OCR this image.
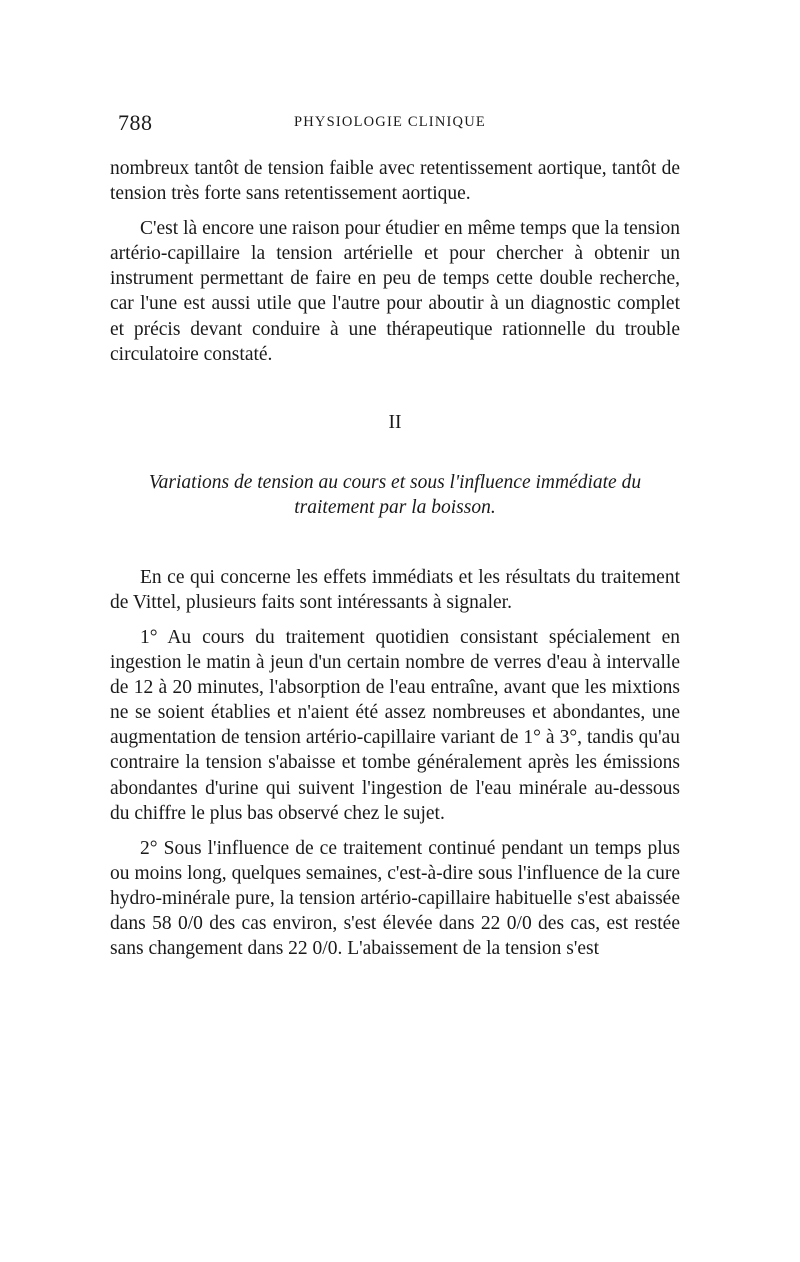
788	PHYSIOLOGIE CLINIQUE

nombreux tantôt de tension faible avec retentissement aortique, tantôt de tension très forte sans retentissement aortique.

C'est là encore une raison pour étudier en même temps que la tension artério-capillaire la tension artérielle et pour chercher à obtenir un instrument permettant de faire en peu de temps cette double recherche, car l'une est aussi utile que l'autre pour aboutir à un diagnostic complet et précis devant conduire à une thérapeutique rationnelle du trouble circulatoire constaté.

II
Variations de tension au cours et sous l'influence immédiate du traitement par la boisson.

En ce qui concerne les effets immédiats et les résultats du traitement de Vittel, plusieurs faits sont intéressants à signaler.

1° Au cours du traitement quotidien consistant spécialement en ingestion le matin à jeun d'un certain nombre de verres d'eau à intervalle de 12 à 20 minutes, l'absorption de l'eau entraîne, avant que les mixtions ne se soient établies et n'aient été assez nombreuses et abondantes, une augmentation de tension artério-capillaire variant de 1° à 3°, tandis qu'au contraire la tension s'abaisse et tombe généralement après les émissions abondantes d'urine qui suivent l'ingestion de l'eau minérale au-dessous du chiffre le plus bas observé chez le sujet.

2° Sous l'influence de ce traitement continué pendant un temps plus ou moins long, quelques semaines, c'est-à-dire sous l'influence de la cure hydro-minérale pure, la tension artério-capillaire habituelle s'est abaissée dans 58 0/0 des cas environ, s'est élevée dans 22 0/0 des cas, est restée sans changement dans 22 0/0. L'abaissement de la tension s'est
